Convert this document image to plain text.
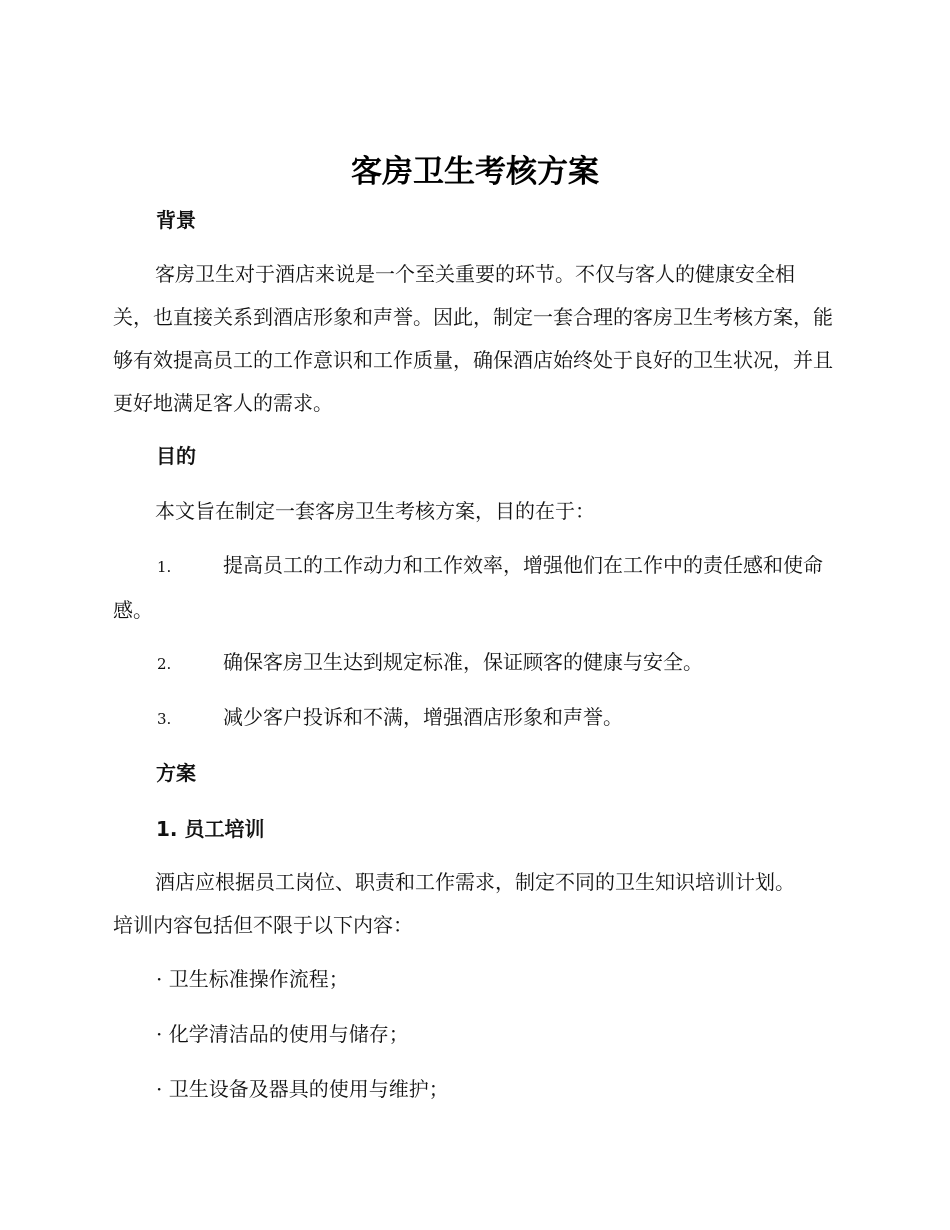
客房卫生考核方案
背景

客房卫生对于酒店来说是一个至关重要的环节。不仅与客人的健康安全相关，也直接关系到酒店形象和声誉。因此，制定一套合理的客房卫生考核方案，能够有效提高员工的工作意识和工作质量，确保酒店始终处于良好的卫生状况，并且更好地满足客人的需求。

目的

本文旨在制定一套客房卫生考核方案，目的在于：

1.	提高员工的工作动力和工作效率，增强他们在工作中的责任感和使命感。

2.	确保客房卫生达到规定标准，保证顾客的健康与安全。

3.	减少客户投诉和不满，增强酒店形象和声誉。

方案
1. 员工培训

酒店应根据员工岗位、职责和工作需求，制定不同的卫生知识培训计划。培训内容包括但不限于以下内容：

· 卫生标准操作流程；
· 化学清洁品的使用与储存；
· 卫生设备及器具的使用与维护；
